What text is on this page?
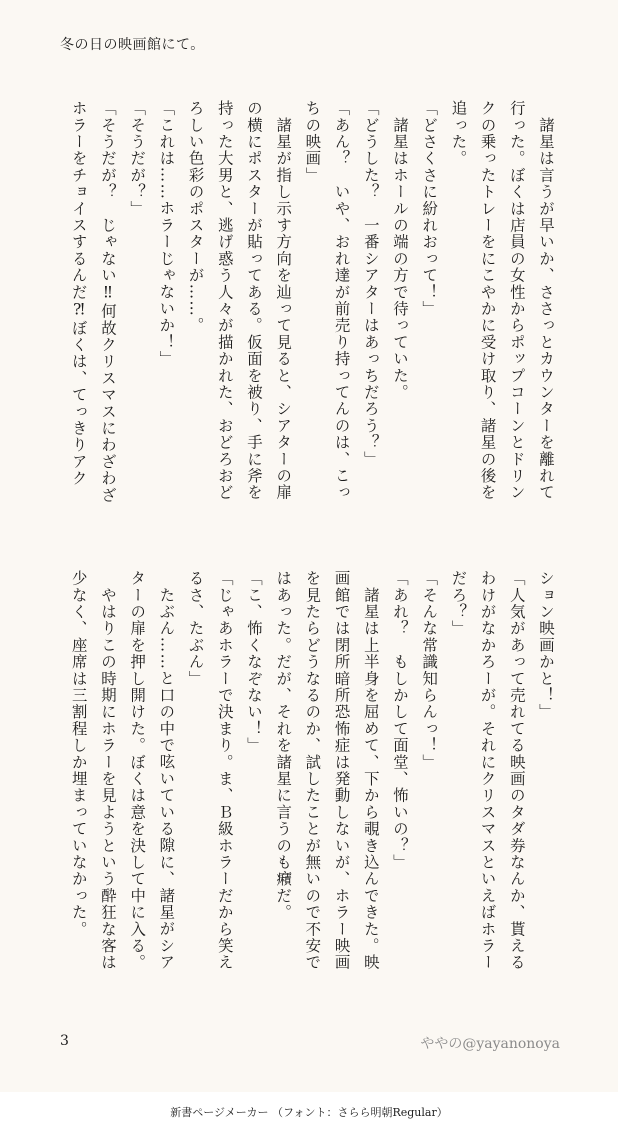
冬の日の映画館にて。
　諸星は言うが早いか、ささっとカウンターを離れて
行った。ぼくは店員の女性からポップコーンとドリン
クの乗ったトレーをにこやかに受け取り、諸星の後を
追った。
「どさくさに紛れおって！」
　諸星はホールの端の方で待っていた。
「どうした？　一番シアターはあっちだろう？」
「あん？　いや、おれ達が前売り持ってんのは、こっ
ちの映画」
　諸星が指し示す方向を辿って見ると、シアターの扉
の横にポスターが貼ってある。仮面を被り、手に斧を
持った大男と、逃げ惑う人々が描かれた、おどろおど
ろしい色彩のポスターが……。
「これは……ホラーじゃないか！」
「そうだが？」
「そうだが？　じゃない‼何故クリスマスにわざわざ
ホラーをチョイスするんだ⁈ぼくは、てっきりアク
ション映画かと！」
「人気があって売れてる映画のタダ券なんか、貰える
わけがなかろーが。それにクリスマスといえばホラー
だろ？」
「そんな常識知らんっ！」
「あれ？　もしかして面堂、怖いの？」
　諸星は上半身を屈めて、下から覗き込んできた。映
画館では閉所暗所恐怖症は発動しないが、ホラー映画
を見たらどうなるのか、試したことが無いので不安で
はあった。だが、それを諸星に言うのも癪だ。
「こ、怖くなぞない！」
「じゃあホラーで決まり。ま、Ｂ級ホラーだから笑え
るさ、たぶん」
　たぶん……と口の中で呟いている隙に、諸星がシア
ターの扉を押し開けた。ぼくは意を決して中に入る。
　やはりこの時期にホラーを見ようという酔狂な客は
少なく、座席は三割程しか埋まっていなかった。
3	ややの@yayanonoya
新書ページメーカー （フォント：さらら明朝Regular）
